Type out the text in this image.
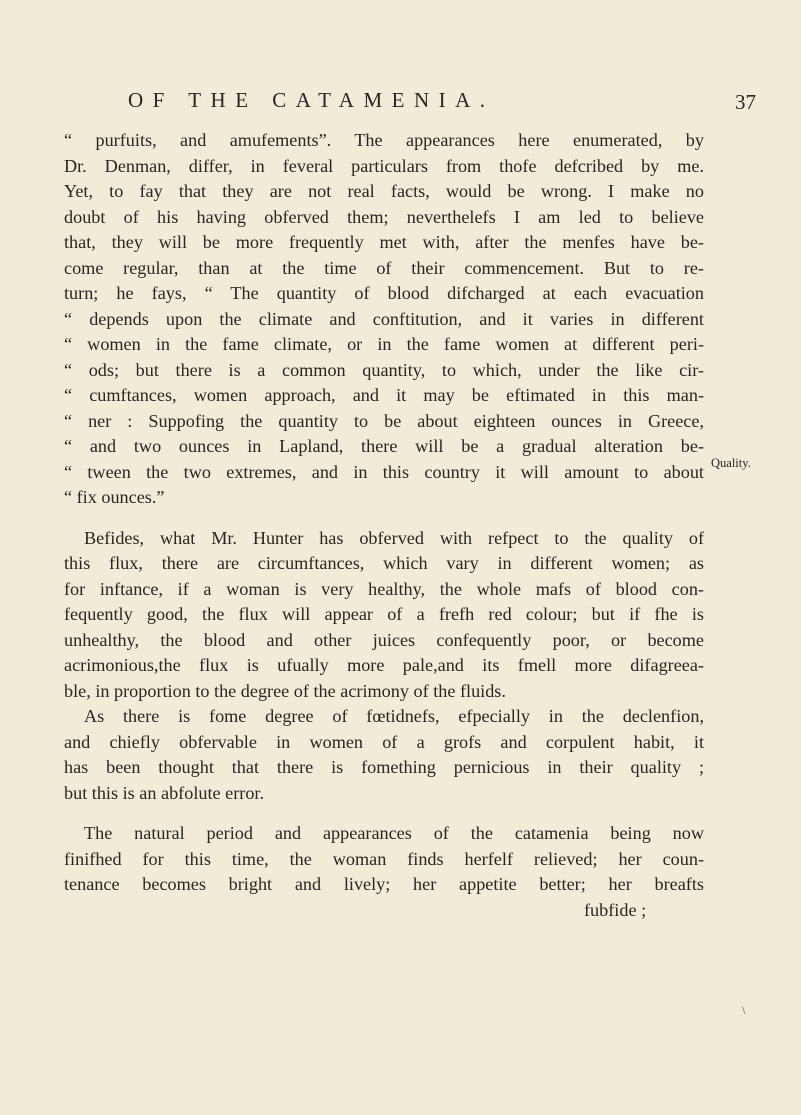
OF THE CATAMENIA.	37
Quality.
“ purfuits, and amufements”. The appearances here enumerated, by
Dr. Denman, differ, in feveral particulars from thofe defcribed by me.
Yet, to fay that they are not real facts, would be wrong. I make no
doubt of his having obferved them; neverthelefs I am led to believe
that, they will be more frequently met with, after the menfes have be-
come regular, than at the time of their commencement. But to re-
turn; he fays, “ The quantity of blood difcharged at each evacuation
“ depends upon the climate and conftitution, and it varies in different
“ women in the fame climate, or in the fame women at different peri-
“ ods; but there is a common quantity, to which, under the like cir-
“ cumftances, women approach, and it may be eftimated in this man-
“ ner : Suppofing the quantity to be about eighteen ounces in Greece,
“ and two ounces in Lapland, there will be a gradual alteration be-
“ tween the two extremes, and in this country it will amount to about
“ fix ounces.”
Befides, what Mr. Hunter has obferved with refpect to the quality of
this flux, there are circumftances, which vary in different women; as
for inftance, if a woman is very healthy, the whole mafs of blood con-
fequently good, the flux will appear of a frefh red colour; but if fhe is
unhealthy, the blood and other juices confequently poor, or become
acrimonious,the flux is ufually more pale,and its fmell more difagreea-
ble, in proportion to the degree of the acrimony of the fluids.
As there is fome degree of fœtidnefs, efpecially in the declenfion,
and chiefly obfervable in women of a grofs and corpulent habit, it
has been thought that there is fomething pernicious in their quality ;
but this is an abfolute error.
The natural period and appearances of the catamenia being now
finifhed for this time, the woman finds herfelf relieved; her coun-
tenance becomes bright and lively; her appetite better; her breafts
fubfide ;
\
